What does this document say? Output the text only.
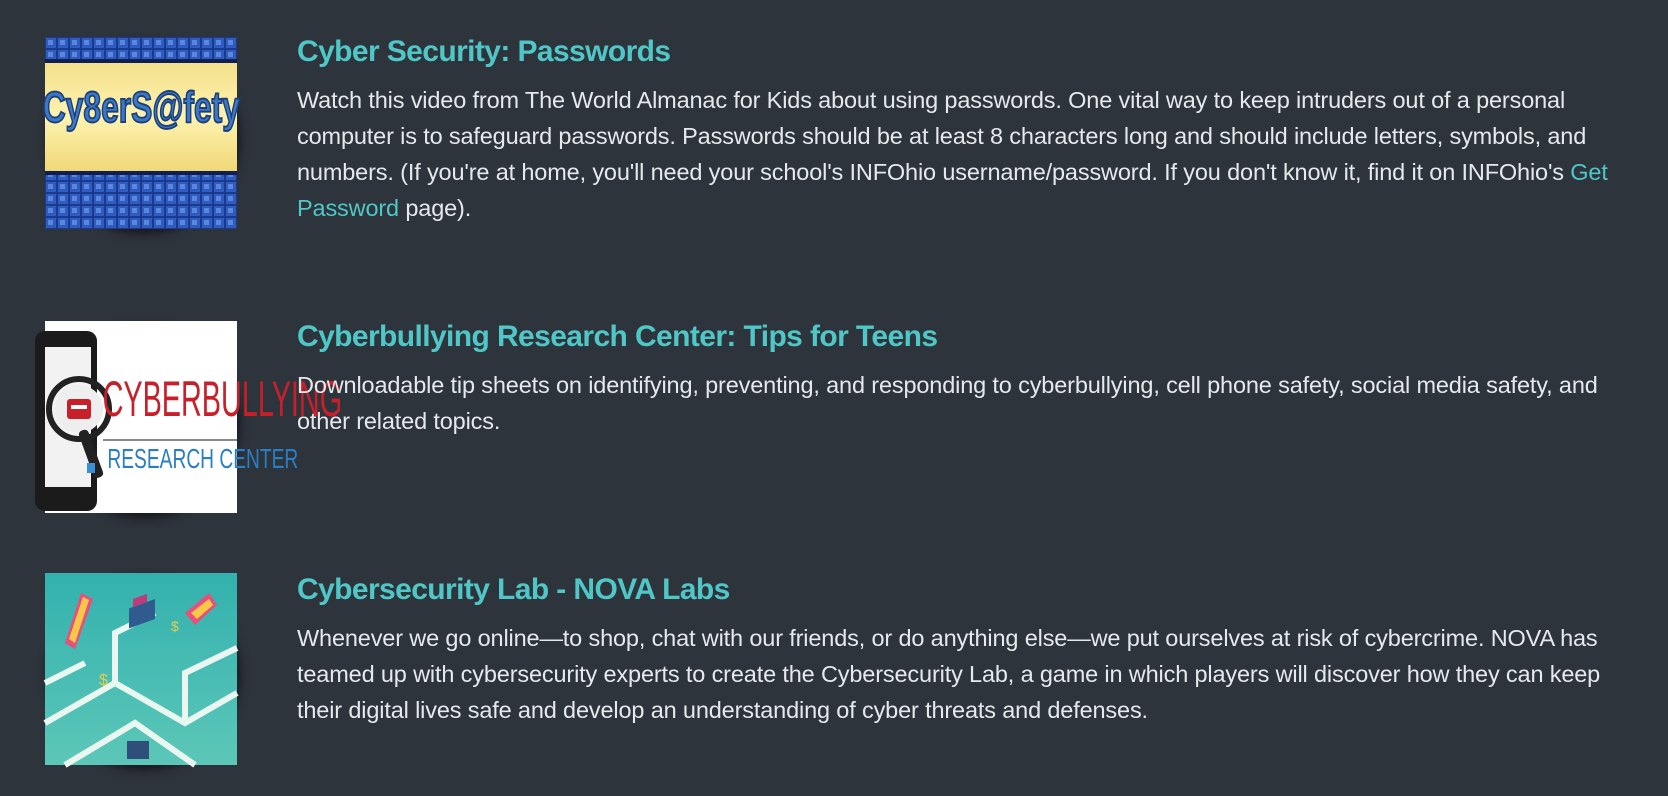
Cy8erS@fety
Cyber Security: Passwords

Watch this video from The World Almanac for Kids about using passwords. One vital way to keep intruders out of a personal computer is to safeguard passwords. Passwords should be at least 8 characters long and should include letters, symbols, and numbers. (If you're at home, you'll need your school's INFOhio username/password. If you don't know it, find it on INFOhio's Get Password page).

CYBERBULLYING
RESEARCH CENTER
Cyberbullying Research Center: Tips for Teens

Downloadable tip sheets on identifying, preventing, and responding to cyberbullying, cell phone safety, social media safety, and other related topics.

$
$
Cybersecurity Lab - NOVA Labs

Whenever we go online—to shop, chat with our friends, or do anything else—we put ourselves at risk of cybercrime. NOVA has teamed up with cybersecurity experts to create the Cybersecurity Lab, a game in which players will discover how they can keep their digital lives safe and develop an understanding of cyber threats and defenses.
